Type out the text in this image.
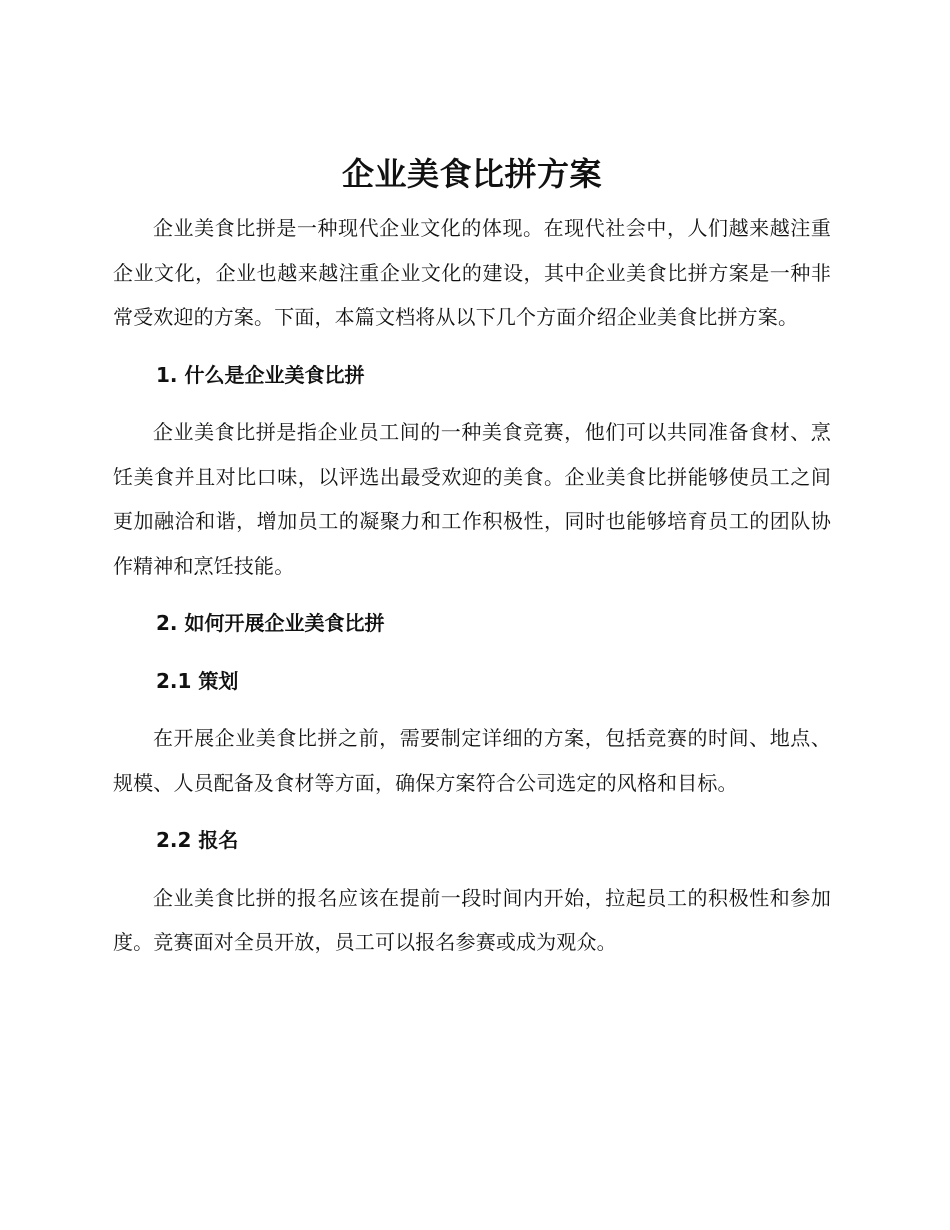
企业美食比拼方案

企业美食比拼是一种现代企业文化的体现。在现代社会中，人们越来越注重企业文化，企业也越来越注重企业文化的建设，其中企业美食比拼方案是一种非常受欢迎的方案。下面，本篇文档将从以下几个方面介绍企业美食比拼方案。

1. 什么是企业美食比拼

企业美食比拼是指企业员工间的一种美食竞赛，他们可以共同准备食材、烹饪美食并且对比口味，以评选出最受欢迎的美食。企业美食比拼能够使员工之间更加融洽和谐，增加员工的凝聚力和工作积极性，同时也能够培育员工的团队协作精神和烹饪技能。

2. 如何开展企业美食比拼
2.1 策划

在开展企业美食比拼之前，需要制定详细的方案，包括竞赛的时间、地点、规模、人员配备及食材等方面，确保方案符合公司选定的风格和目标。

2.2 报名

企业美食比拼的报名应该在提前一段时间内开始，拉起员工的积极性和参加度。竞赛面对全员开放，员工可以报名参赛或成为观众。
